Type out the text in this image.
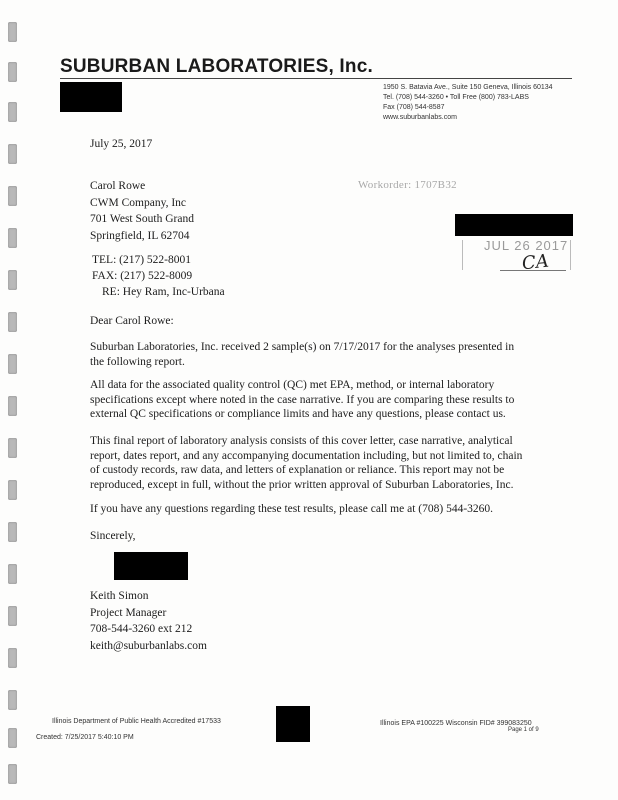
SUBURBAN LABORATORIES, Inc.
1950 S. Batavia Ave., Suite 150 Geneva, Illinois 60134
Tel. (708) 544-3260 • Toll Free (800) 783-LABS
Fax (708) 544-8587
www.suburbanlabs.com
July 25, 2017
Workorder: 1707B32
Carol Rowe
CWM Company, Inc
701 West South Grand
Springfield, IL 62704
JUL 26 2017
CA
TEL: (217) 522-8001
FAX: (217) 522-8009
RE: Hey Ram, Inc-Urbana
Dear Carol Rowe:
Suburban Laboratories, Inc. received 2 sample(s) on 7/17/2017 for the analyses presented in the following report.
All data for the associated quality control (QC) met EPA, method, or internal laboratory specifications except where noted in the case narrative. If you are comparing these results to external QC specifications or compliance limits and have any questions, please contact us.
This final report of laboratory analysis consists of this cover letter, case narrative, analytical report, dates report, and any accompanying documentation including, but not limited to, chain of custody records, raw data, and letters of explanation or reliance. This report may not be reproduced, except in full, without the prior written approval of Suburban Laboratories, Inc.
If you have any questions regarding these test results, please call me at (708) 544-3260.
Sincerely,
Keith Simon
Project Manager
708-544-3260 ext 212
keith@suburbanlabs.com
Illinois Department of Public Health Accredited #17533
Created: 7/25/2017 5:40:10 PM
Illinois EPA #100225 Wisconsin FID# 399083250
Page 1 of 9
